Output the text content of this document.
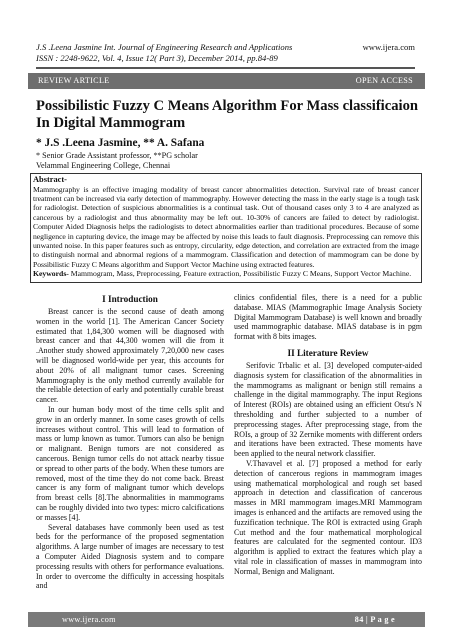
J.S .Leena Jasmine Int. Journal of Engineering Research and Applications
ISSN : 2248-9622, Vol. 4, Issue 12( Part 3), December 2014, pp.84-89
www.ijera.com
REVIEW ARTICLE	OPEN ACCESS
Possibilistic Fuzzy C Means Algorithm For Mass classificaion In Digital Mammogram
* J.S .Leena Jasmine, ** A. Safana
* Senior Grade Assistant professor, **PG scholar
Velammal Engineering College, Chennai
Abstract-
Mammography is an effective imaging modality of breast cancer abnormalities detection. Survival rate of breast cancer treatment can be increased via early detection of mammography. However detecting the mass in the early stage is a tough task for radiologist. Detection of suspicious abnormalities is a continual task. Out of thousand cases only 3 to 4 are analyzed as cancerous by a radiologist and thus abnormality may be left out. 10-30% of cancers are failed to detect by radiologist. Computer Aided Diagnosis helps the radiologists to detect abnormalities earlier than traditional procedures. Because of some negligence in capturing device, the image may be affected by noise this leads to fault diagnosis. Preprocessing can remove this unwanted noise. In this paper features such as entropy, circularity, edge detection, and correlation are extracted from the image to distinguish normal and abnormal regions of a mammogram. Classification and detection of mammogram can be done by Possibilistic Fuzzy C Means algorithm and Support Vector Machine using extracted features.
Keywords- Mammogram, Mass, Preprocessing, Feature extraction, Possibilistic Fuzzy C Means, Support Vector Machine.
I Introduction

Breast cancer is the second cause of death among women in the world [1]. The American Cancer Society estimated that 1,84,300 women will be diagnosed with breast cancer and that 44,300 women will die from it .Another study showed approximately 7,20,000 new cases will be diagnosed world-wide per year, this accounts for about 20% of all malignant tumor cases. Screening Mammography is the only method currently available for the reliable detection of early and potentially curable breast cancer.

In our human body most of the time cells split and grow in an orderly manner. In some cases growth of cells increases without control. This will lead to formation of mass or lump known as tumor. Tumors can also be benign or malignant. Benign tumors are not considered as cancerous. Benign tumor cells do not attack nearby tissue or spread to other parts of the body. When these tumors are removed, most of the time they do not come back. Breast cancer is any form of malignant tumor which develops from breast cells [8].The abnormalities in mammograms can be roughly divided into two types: micro calcifications or masses [4].

Several databases have commonly been used as test beds for the performance of the proposed segmentation algorithms. A large number of images are necessary to test a Computer Aided Diagnosis system and to compare processing results with others for performance evaluations. In order to overcome the difficulty in accessing hospitals and

clinics confidential files, there is a need for a public database. MIAS (Mammographic Image Analysis Society Digital Mammogram Database) is well known and broadly used mammographic database. MIAS database is in pgm format with 8 bits images.

II Literature Review

Serifovic Trbalic et al. [3] developed computer-aided diagnosis system for classification of the abnormalities in the mammograms as malignant or benign still remains a challenge in the digital mammography. The input Regions of Interest (ROIs) are obtained using an efficient Otsu's N thresholding and further subjected to a number of preprocessing stages. After preprocessing stage, from the ROIs, a group of 32 Zernike moments with different orders and iterations have been extracted. These moments have been applied to the neural network classifier.

V.Thavavel et al. [7] proposed a method for early detection of cancerous regions in mammogram images using mathematical morphological and rough set based approach in detection and classification of cancerous masses in MRI mammogram images.MRI Mammogram images is enhanced and the artifacts are removed using the fuzzification technique. The ROI is extracted using Graph Cut method and the four mathematical morphological features are calculated for the segmented contour. ID3 algorithm is applied to extract the features which play a vital role in classification of masses in mammogram into Normal, Benign and Malignant.

www.ijera.com	84 | P a g e
